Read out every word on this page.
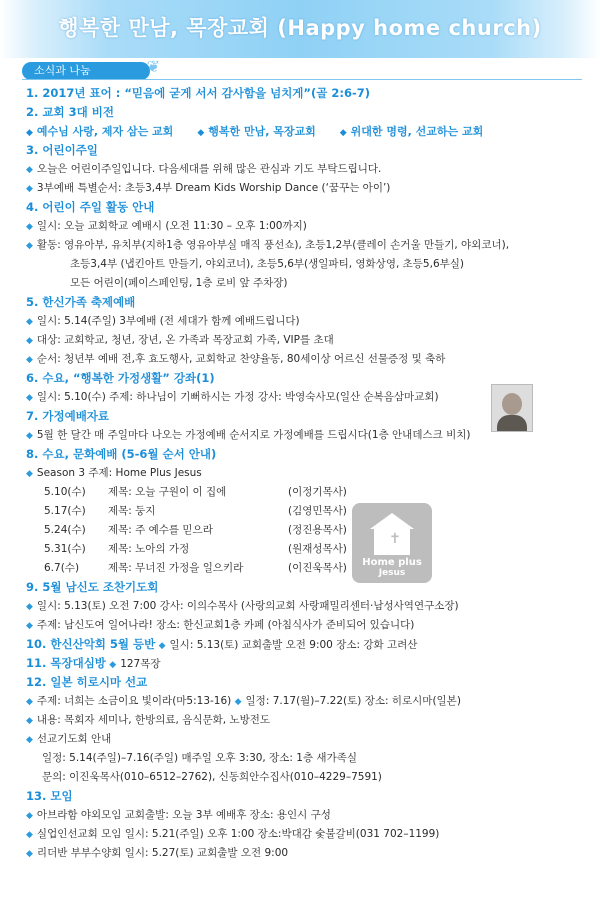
행복한 만남, 목장교회 (Happy home church)
소식과 나눔	❦
✝
Home plus
Jesus
1. 2017년 표어 : “믿음에 굳게 서서 감사함을 넘치게”(골 2:6-7)
2. 교회 3대 비전
◆ 예수님 사랑, 제자 삼는 교회	◆ 행복한 만남, 목장교회	◆ 위대한 명령, 선교하는 교회
3. 어린이주일
◆ 오늘은 어린이주일입니다. 다음세대를 위해 많은 관심과 기도 부탁드립니다.
◆ 3부예배 특별순서: 초등3,4부 Dream Kids Worship Dance (‘꿈꾸는 아이’)
4. 어린이 주일 활동 안내
◆ 일시: 오늘 교회학교 예배시 (오전 11:30 – 오후 1:00까지)
◆ 활동: 영유아부, 유치부(지하1층 영유아부실 매직 풍선쇼), 초등1,2부(클레이 손거울 만들기, 야외코너),
초등3,4부 (냅킨아트 만들기, 야외코너), 초등5,6부(생일파티, 영화상영, 초등5,6부실)
모든 어린이(페이스페인팅, 1층 로비 앞 주차장)
5. 한신가족 축제예배
◆ 일시: 5.14(주일) 3부예배 (전 세대가 함께 예배드립니다)
◆ 대상: 교회학교, 청년, 장년, 온 가족과 목장교회 가족, VIP를 초대
◆ 순서: 청년부 예배 전,후 효도행사, 교회학교 찬양율동, 80세이상 어르신 선물증정 및 축하
6. 수요, “행복한 가정생활” 강좌(1)
◆ 일시: 5.10(수) 주제: 하나님이 기뻐하시는 가정 강사: 박영숙사모(일산 순복음삼마교회)
7. 가정예배자료
◆ 5월 한 달간 매 주일마다 나오는 가정예배 순서지로 가정예배를 드립시다(1층 안내데스크 비치)
8. 수요, 문화예배 (5-6월 순서 안내)
◆ Season 3 주제: Home Plus Jesus
5.10(수)	제목: 오늘 구원이 이 집에	(이정기목사)
5.17(수)	제목: 둥지	(김영민목사)
5.24(수)	제목: 주 예수를 믿으라	(정진용목사)
5.31(수)	제목: 노아의 가정	(원재성목사)
6.7(수)	제목: 무너진 가정을 일으키라	(이진욱목사)
9. 5월 남신도 조찬기도회
◆ 일시: 5.13(토) 오전 7:00 강사: 이의수목사 (사랑의교회 사랑패밀리센터·남성사역연구소장)
◆ 주제: 남신도여 일어나라! 장소: 한신교회1층 카페 (아침식사가 준비되어 있습니다)
10. 한신산악회 5월 등반 ◆ 일시: 5.13(토) 교회출발 오전 9:00 장소: 강화 고려산
11. 목장대심방 ◆ 127목장
12. 일본 히로시마 선교
◆ 주제: 너희는 소금이요 빛이라(마5:13-16) ◆ 일정: 7.17(월)–7.22(토) 장소: 히로시마(일본)
◆ 내용: 목회자 세미나, 한방의료, 음식문화, 노방전도
◆ 선교기도회 안내
일정: 5.14(주일)–7.16(주일) 매주일 오후 3:30, 장소: 1층 새가족실
문의: 이진욱목사(010–6512–2762), 신동희안수집사(010–4229–7591)
13. 모임
◆ 아브라함 야외모임 교회출발: 오늘 3부 예배후 장소: 용인시 구성
◆ 실업인선교회 모임 일시: 5.21(주일) 오후 1:00 장소:박대감 숯불갈비(031 702–1199)
◆ 리더반 부부수양회 일시: 5.27(토) 교회출발 오전 9:00
